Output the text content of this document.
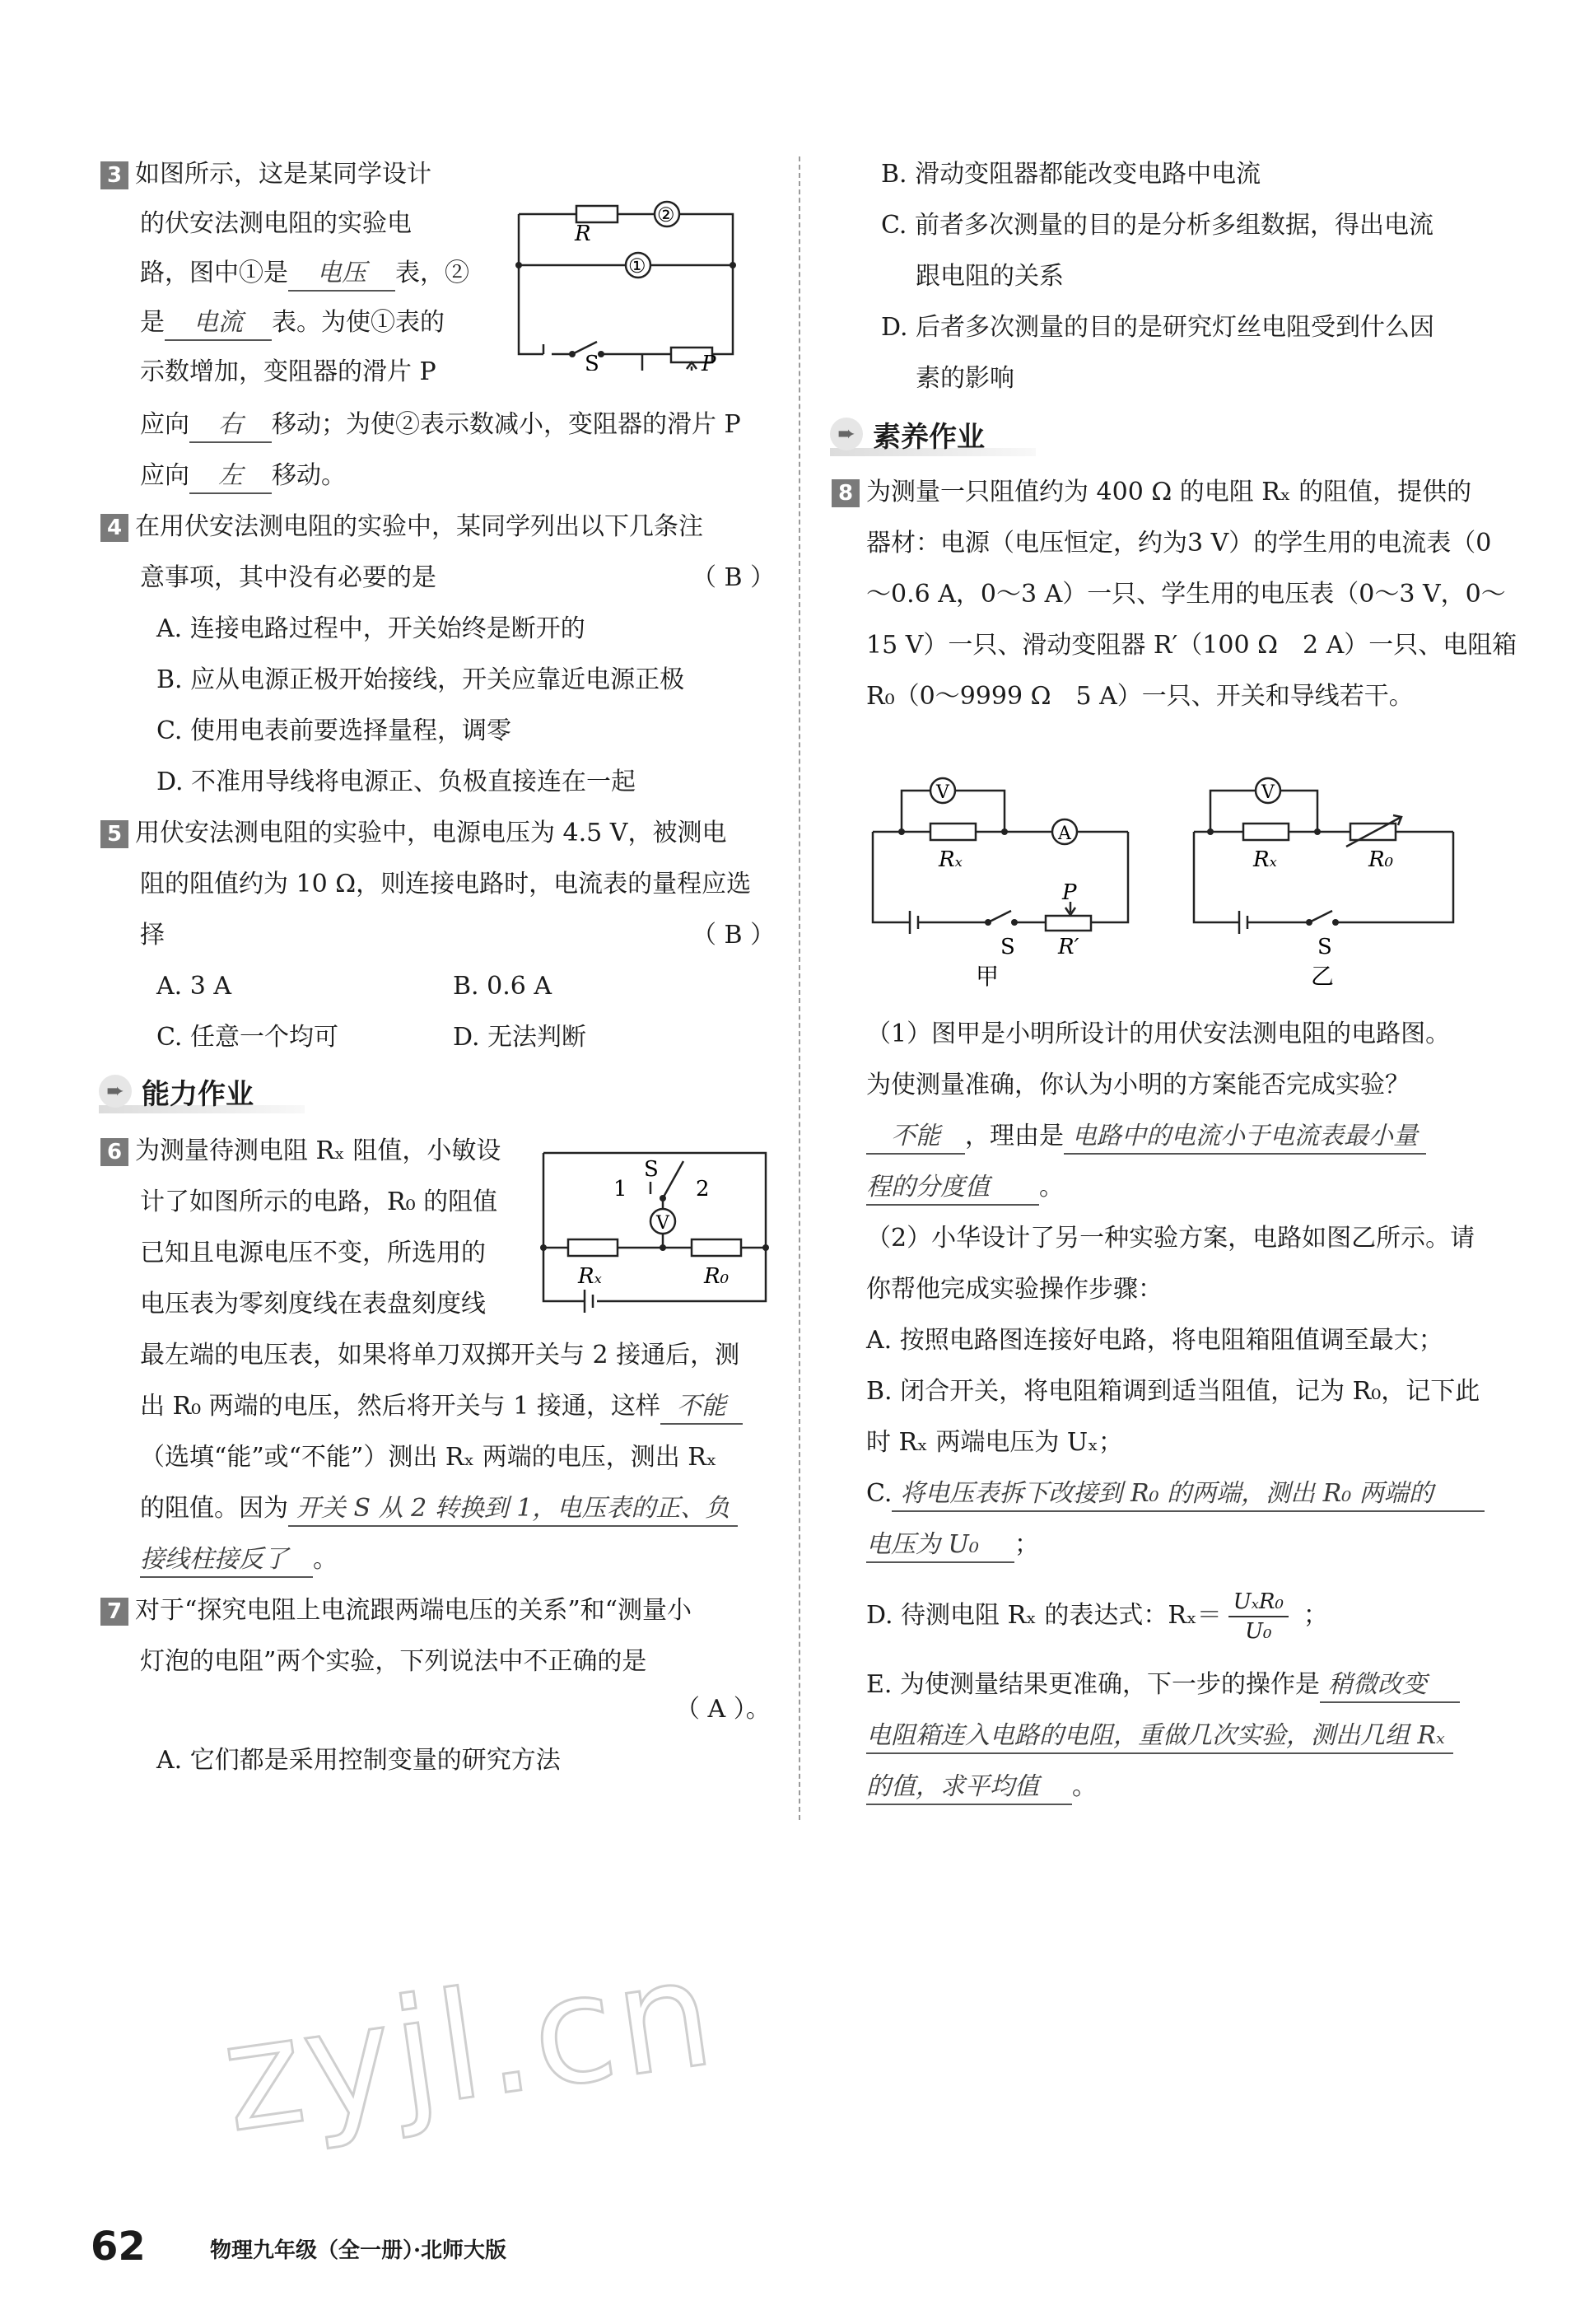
3 如图所示，这是某同学设计
的伏安法测电阻的实验电
路，图中①是 电压 表，②
是 电流 表。为使①表的
示数增加，变阻器的滑片 P
应向 右 移动；为使②表示数减小，变阻器的滑片 P
应向 左 移动。
R
②
①
S	P
4 在用伏安法测电阻的实验中，某同学列出以下几条注
意事项，其中没有必要的是	（ B ）
A. 连接电路过程中，开关始终是断开的
B. 应从电源正极开始接线，开关应靠近电源正极
C. 使用电表前要选择量程，调零
D. 不准用导线将电源正、负极直接连在一起
5 用伏安法测电阻的实验中，电源电压为 4.5 V，被测电
阻的阻值约为 10 Ω，则连接电路时，电流表的量程应选
择	（ B ）
A. 3 A	B. 0.6 A
C. 任意一个均可	D. 无法判断
➨ 能力作业
6 为测量待测电阻 Rₓ 阻值，小敏设
计了如图所示的电路，R₀ 的阻值
已知且电源电压不变，所选用的
电压表为零刻度线在表盘刻度线
最左端的电压表，如果将单刀双掷开关与 2 接通后，测
出 R₀ 两端的电压，然后将开关与 1 接通，这样 不能
（选填“能”或“不能”）测出 Rₓ 两端的电压，测出 Rₓ
的阻值。因为 开关 S 从 2 转换到 1，电压表的正、负
接线柱接反了 。
S
1	2
V
Rₓ	R₀
7 对于“探究电阻上电流跟两端电压的关系”和“测量小
灯泡的电阻”两个实验，下列说法中不正确的是
（ A ）。
A. 它们都是采用控制变量的研究方法
B. 滑动变阻器都能改变电路中电流
C. 前者多次测量的目的是分析多组数据，得出电流
跟电阻的关系
D. 后者多次测量的目的是研究灯丝电阻受到什么因
素的影响
➨ 素养作业
8 为测量一只阻值约为 400 Ω 的电阻 Rₓ 的阻值，提供的
器材：电源（电压恒定，约为3 V）的学生用的电流表（0
～0.6 A，0～3 A）一只、学生用的电压表（0～3 V，0～
15 V）一只、滑动变阻器 R′（100 Ω　2 A）一只、电阻箱
R₀（0～9999 Ω　5 A）一只、开关和导线若干。
V
A
Rₓ
P
S R′
甲
V
Rₓ	R₀
S
乙
（1）图甲是小明所设计的用伏安法测电阻的电路图。
为使测量准确，你认为小明的方案能否完成实验？
不能 ，理由是 电路中的电流小于电流表最小量
程的分度值 。
（2）小华设计了另一种实验方案，电路如图乙所示。请
你帮他完成实验操作步骤：
A. 按照电路图连接好电路，将电阻箱阻值调至最大；
B. 闭合开关，将电阻箱调到适当阻值，记为 R₀，记下此
时 Rₓ 两端电压为 Uₓ；
C. 将电压表拆下改接到 R₀ 的两端，测出 R₀ 两端的
电压为 U₀ ；
D. 待测电阻 Rₓ 的表达式：$R_x= \frac{\text{UₓR₀}}{\text{U₀}}$ ；
E. 为使测量结果更准确，下一步的操作是 稍微改变
电阻箱连入电路的电阻，重做几次实验，测出几组 Rₓ
的值，求平均值 。
zyjl.cn
62	物理九年级（全一册）·北师大版
